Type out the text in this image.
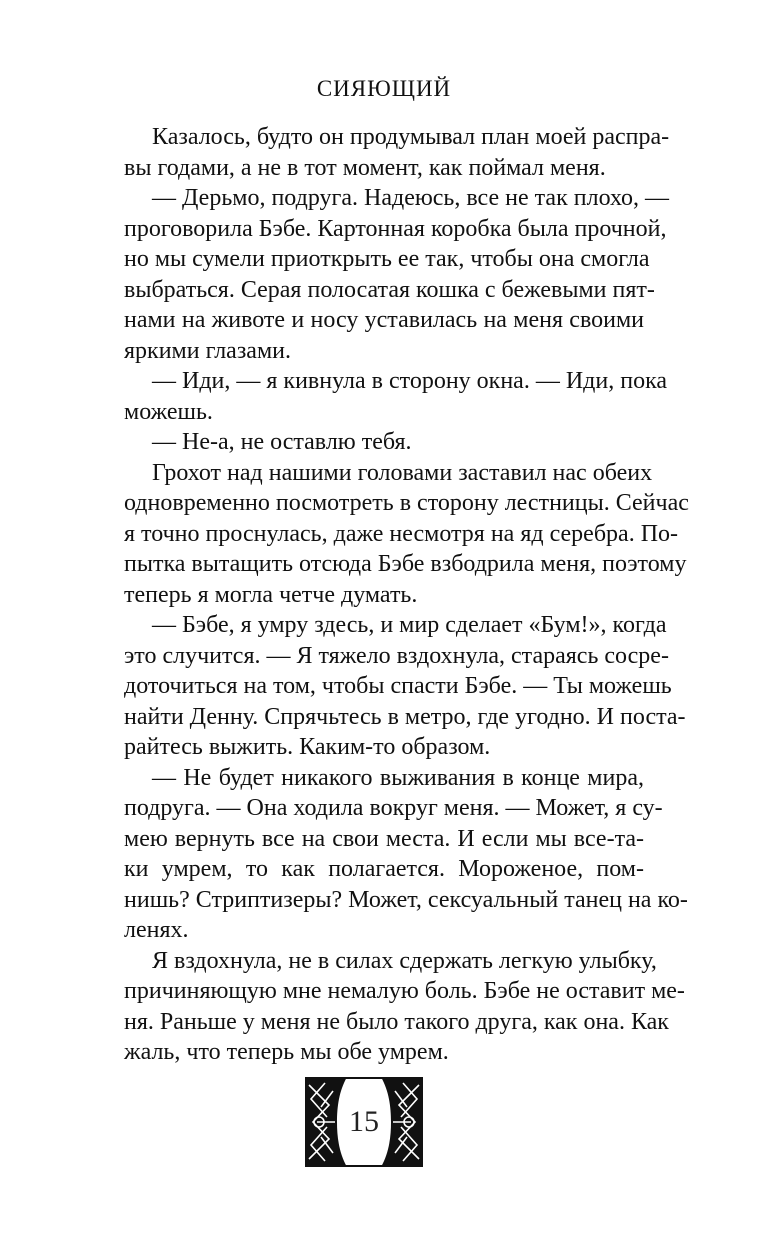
СИЯЮЩИЙ
Казалось, будто он продумывал план моей распра-
вы годами, а не в тот момент, как поймал меня.
— Дерьмо, подруга. Надеюсь, все не так плохо, —
проговорила Бэбе. Картонная коробка была прочной,
но мы сумели приоткрыть ее так, чтобы она смогла
выбраться. Серая полосатая кошка с бежевыми пят-
нами на животе и носу уставилась на меня своими
яркими глазами.
— Иди, — я кивнула в сторону окна. — Иди, пока
можешь.
— Не-а, не оставлю тебя.
Грохот над нашими головами заставил нас обеих
одновременно посмотреть в сторону лестницы. Сейчас
я точно проснулась, даже несмотря на яд серебра. По-
пытка вытащить отсюда Бэбе взбодрила меня, поэтому
теперь я могла четче думать.
— Бэбе, я умру здесь, и мир сделает «Бум!», когда
это случится. — Я тяжело вздохнула, стараясь сосре-
доточиться на том, чтобы спасти Бэбе. — Ты можешь
найти Денну. Спрячьтесь в метро, где угодно. И поста-
райтесь выжить. Каким-то образом.
— Не будет никакого выживания в конце мира,
подруга. — Она ходила вокруг меня. — Может, я су-
мею вернуть все на свои места. И если мы все-та-
ки умрем, то как полагается. Мороженое, пом-
нишь? Стриптизеры? Может, сексуальный танец на ко-
ленях.
Я вздохнула, не в силах сдержать легкую улыбку,
причиняющую мне немалую боль. Бэбе не оставит ме-
ня. Раньше у меня не было такого друга, как она. Как
жаль, что теперь мы обе умрем.
15
